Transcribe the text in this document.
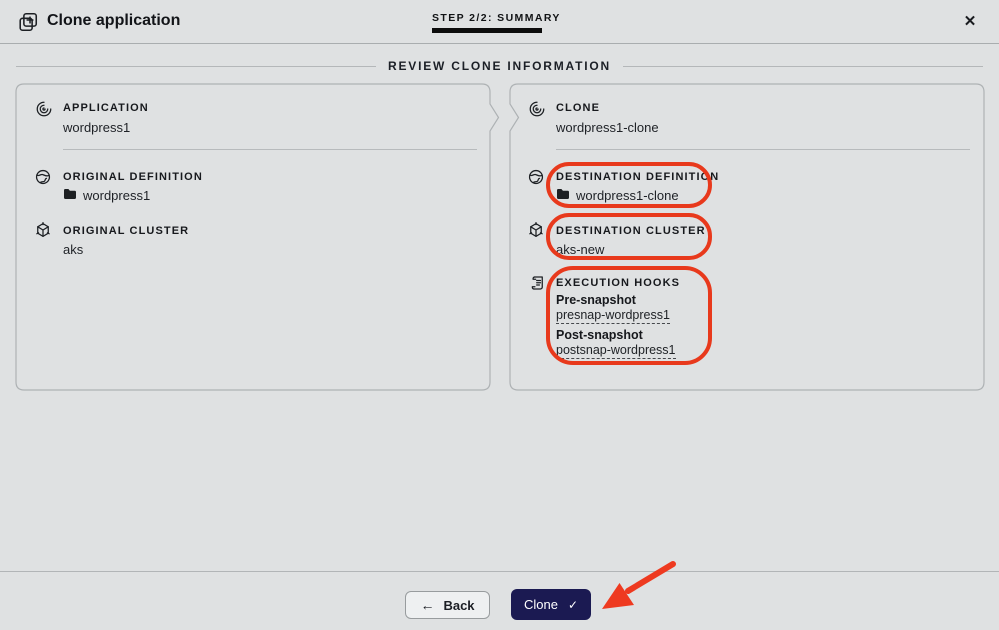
Clone application	STEP 2/2: SUMMARY	✕
REVIEW CLONE INFORMATION
APPLICATION
wordpress1
ORIGINAL DEFINITION
wordpress1
ORIGINAL CLUSTER
aks
CLONE
wordpress1-clone
DESTINATION DEFINITION
wordpress1-clone
DESTINATION CLUSTER
aks-new
EXECUTION HOOKS
Pre-snapshot
presnap-wordpress1
Post-snapshot
postsnap-wordpress1
← Back	Clone ✓
